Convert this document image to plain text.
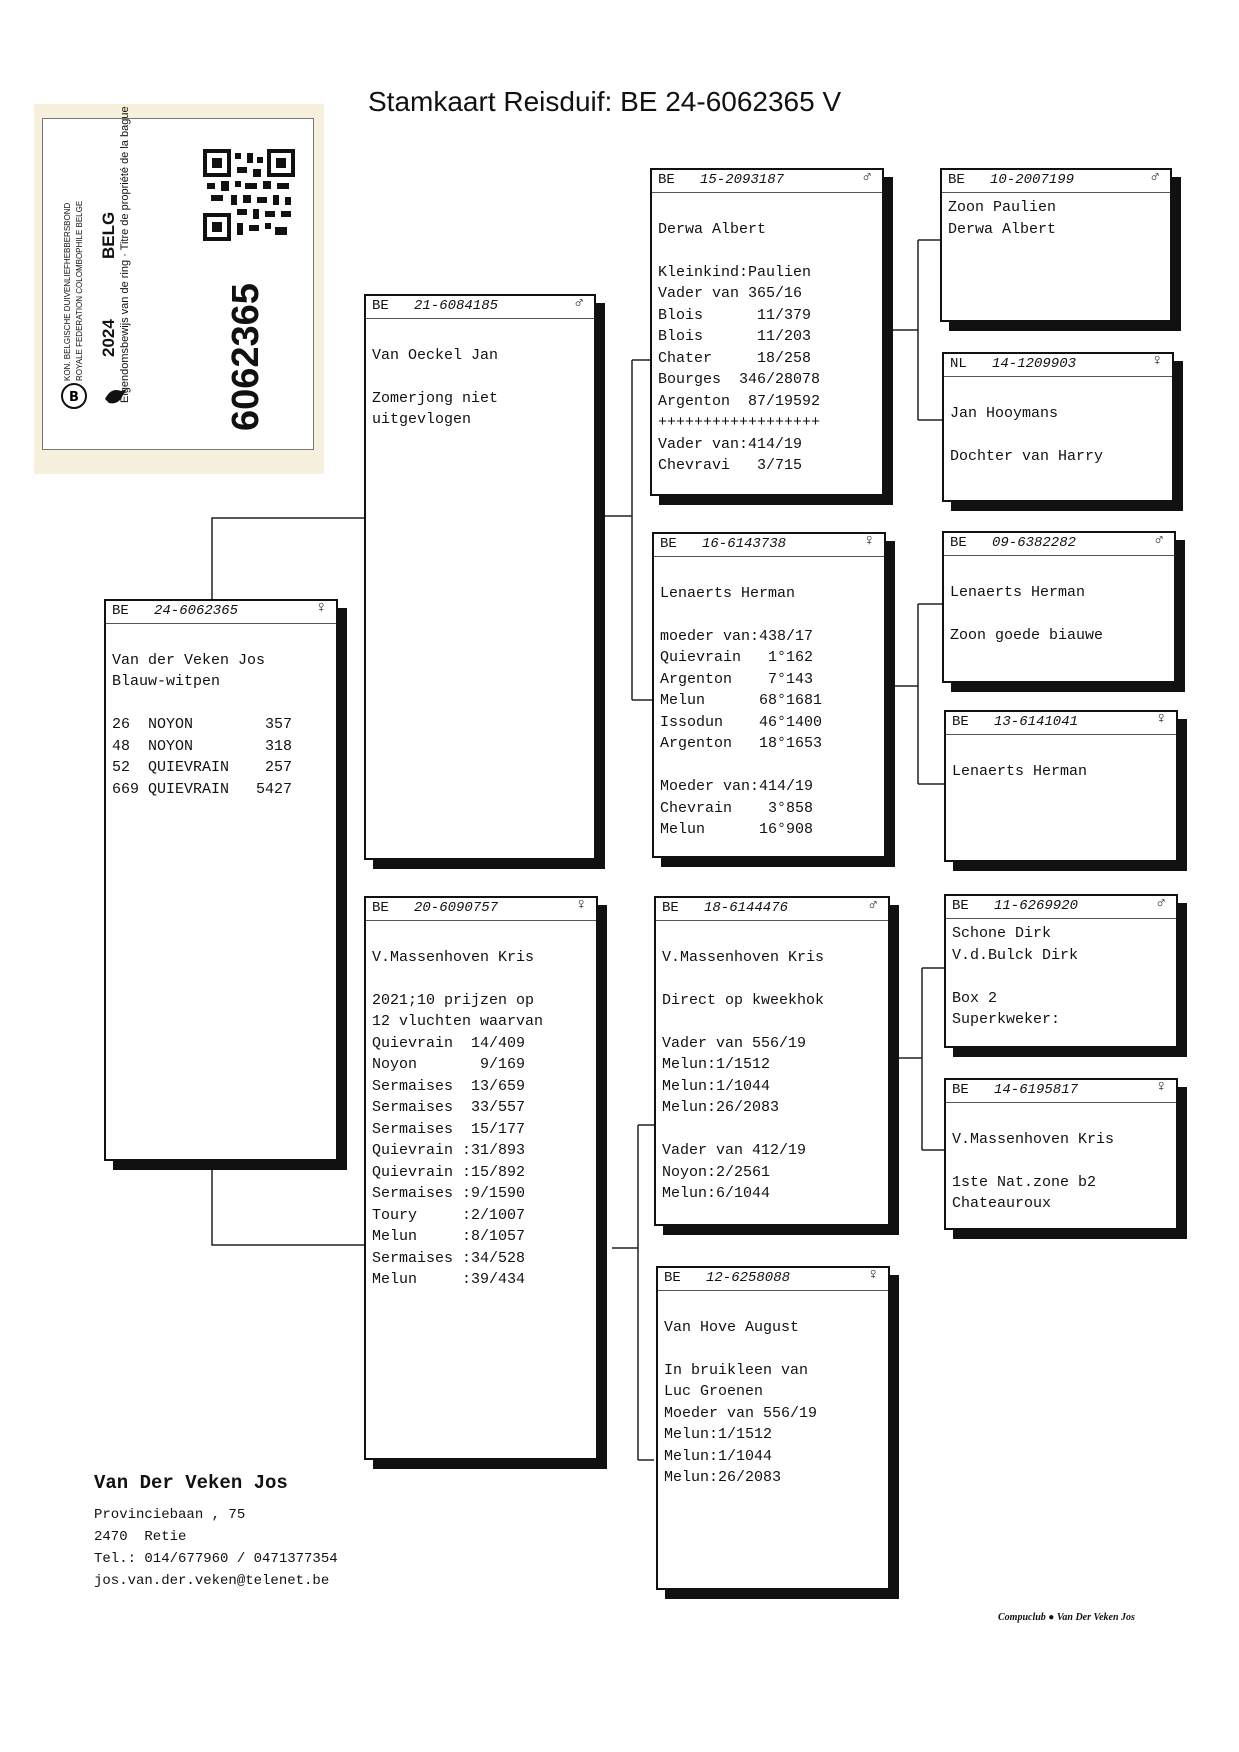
Stamkaart Reisduif: BE 24-6062365 V
6062365
2024
BELG
KON. BELGISCHE DUIVENLIEFHEBBERSBOND ROYALE FEDERATION COLOMBOPHILE BELGE	Eigendomsbewijs van de ring · Titre de propriété de la bague
B
BE 24-6062365	♀
Van der Veken Jos
Blauw-witpen
26  NOYON        357
48  NOYON        318
52  QUIEVRAIN    257
669 QUIEVRAIN   5427
BE 21-6084185	♂
Van Oeckel Jan
Zomerjong niet
uitgevlogen
BE 20-6090757	♀
V.Massenhoven Kris
2021;10 prijzen op
12 vluchten waarvan
Quievrain  14/409
Noyon       9/169
Sermaises  13/659
Sermaises  33/557
Sermaises  15/177
Quievrain :31/893
Quievrain :15/892
Sermaises :9/1590
Toury     :2/1007
Melun     :8/1057
Sermaises :34/528
Melun     :39/434
BE 15-2093187	♂
Derwa Albert
Kleinkind:Paulien
Vader van 365/16
Blois      11/379
Blois      11/203
Chater     18/258
Bourges  346/28078
Argenton  87/19592
++++++++++++++++++
Vader van:414/19
Chevravi   3/715
BE 16-6143738	♀
Lenaerts Herman
moeder van:438/17
Quievrain   1°162
Argenton    7°143
Melun      68°1681
Issodun    46°1400
Argenton   18°1653
Moeder van:414/19
Chevrain    3°858
Melun      16°908
BE 18-6144476	♂
V.Massenhoven Kris
Direct op kweekhok
Vader van 556/19
Melun:1/1512
Melun:1/1044
Melun:26/2083
Vader van 412/19
Noyon:2/2561
Melun:6/1044
BE 12-6258088	♀
Van Hove August
In bruikleen van
Luc Groenen
Moeder van 556/19
Melun:1/1512
Melun:1/1044
Melun:26/2083
BE 10-2007199	♂
Zoon Paulien
Derwa Albert
NL 14-1209903	♀
Jan Hooymans
Dochter van Harry
BE 09-6382282	♂
Lenaerts Herman
Zoon goede biauwe
BE 13-6141041	♀
Lenaerts Herman
BE 11-6269920	♂
Schone Dirk
V.d.Bulck Dirk
Box 2
Superkweker:
BE 14-6195817	♀
V.Massenhoven Kris
1ste Nat.zone b2
Chateauroux
Van Der Veken Jos
Provinciebaan , 75
2470  Retie
Tel.: 014/677960 / 0471377354
jos.van.der.veken@telenet.be
Compuclub ● Van Der Veken Jos
